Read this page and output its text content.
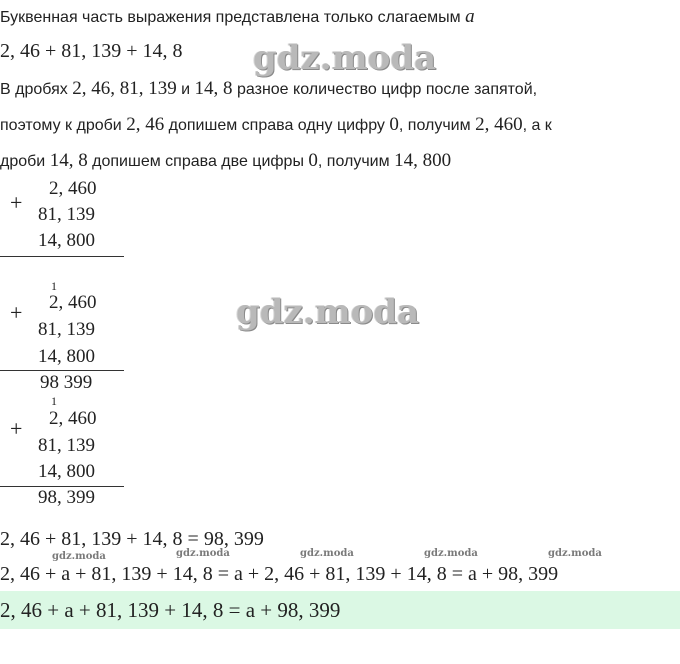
Буквенная часть выражения представлена только слагаемым a
2, 46 + 81, 139 + 14, 8 gdz.moda
В дробях 2, 46, 81, 139 и 14, 8 разное количество цифр после запятой,
поэтому к дроби 2, 46 допишем справа одну цифру 0, получим 2, 460, а к
дроби 14, 8 допишем справа две цифры 0, получим 14, 800
+
2, 460
81, 139
14, 800
1
+ 2, 460
81, 139
14, 800
98 399
gdz.moda
1
+ 2, 460
81, 139
14, 800
98, 399
2, 46 + 81, 139 + 14, 8 = 98, 399
gdz.moda	gdz.moda	gdz.moda	gdz.moda	gdz.moda
2, 46 + a + 81, 139 + 14, 8 = a + 2, 46 + 81, 139 + 14, 8 = a + 98, 399
2, 46 + a + 81, 139 + 14, 8 = a + 98, 399
